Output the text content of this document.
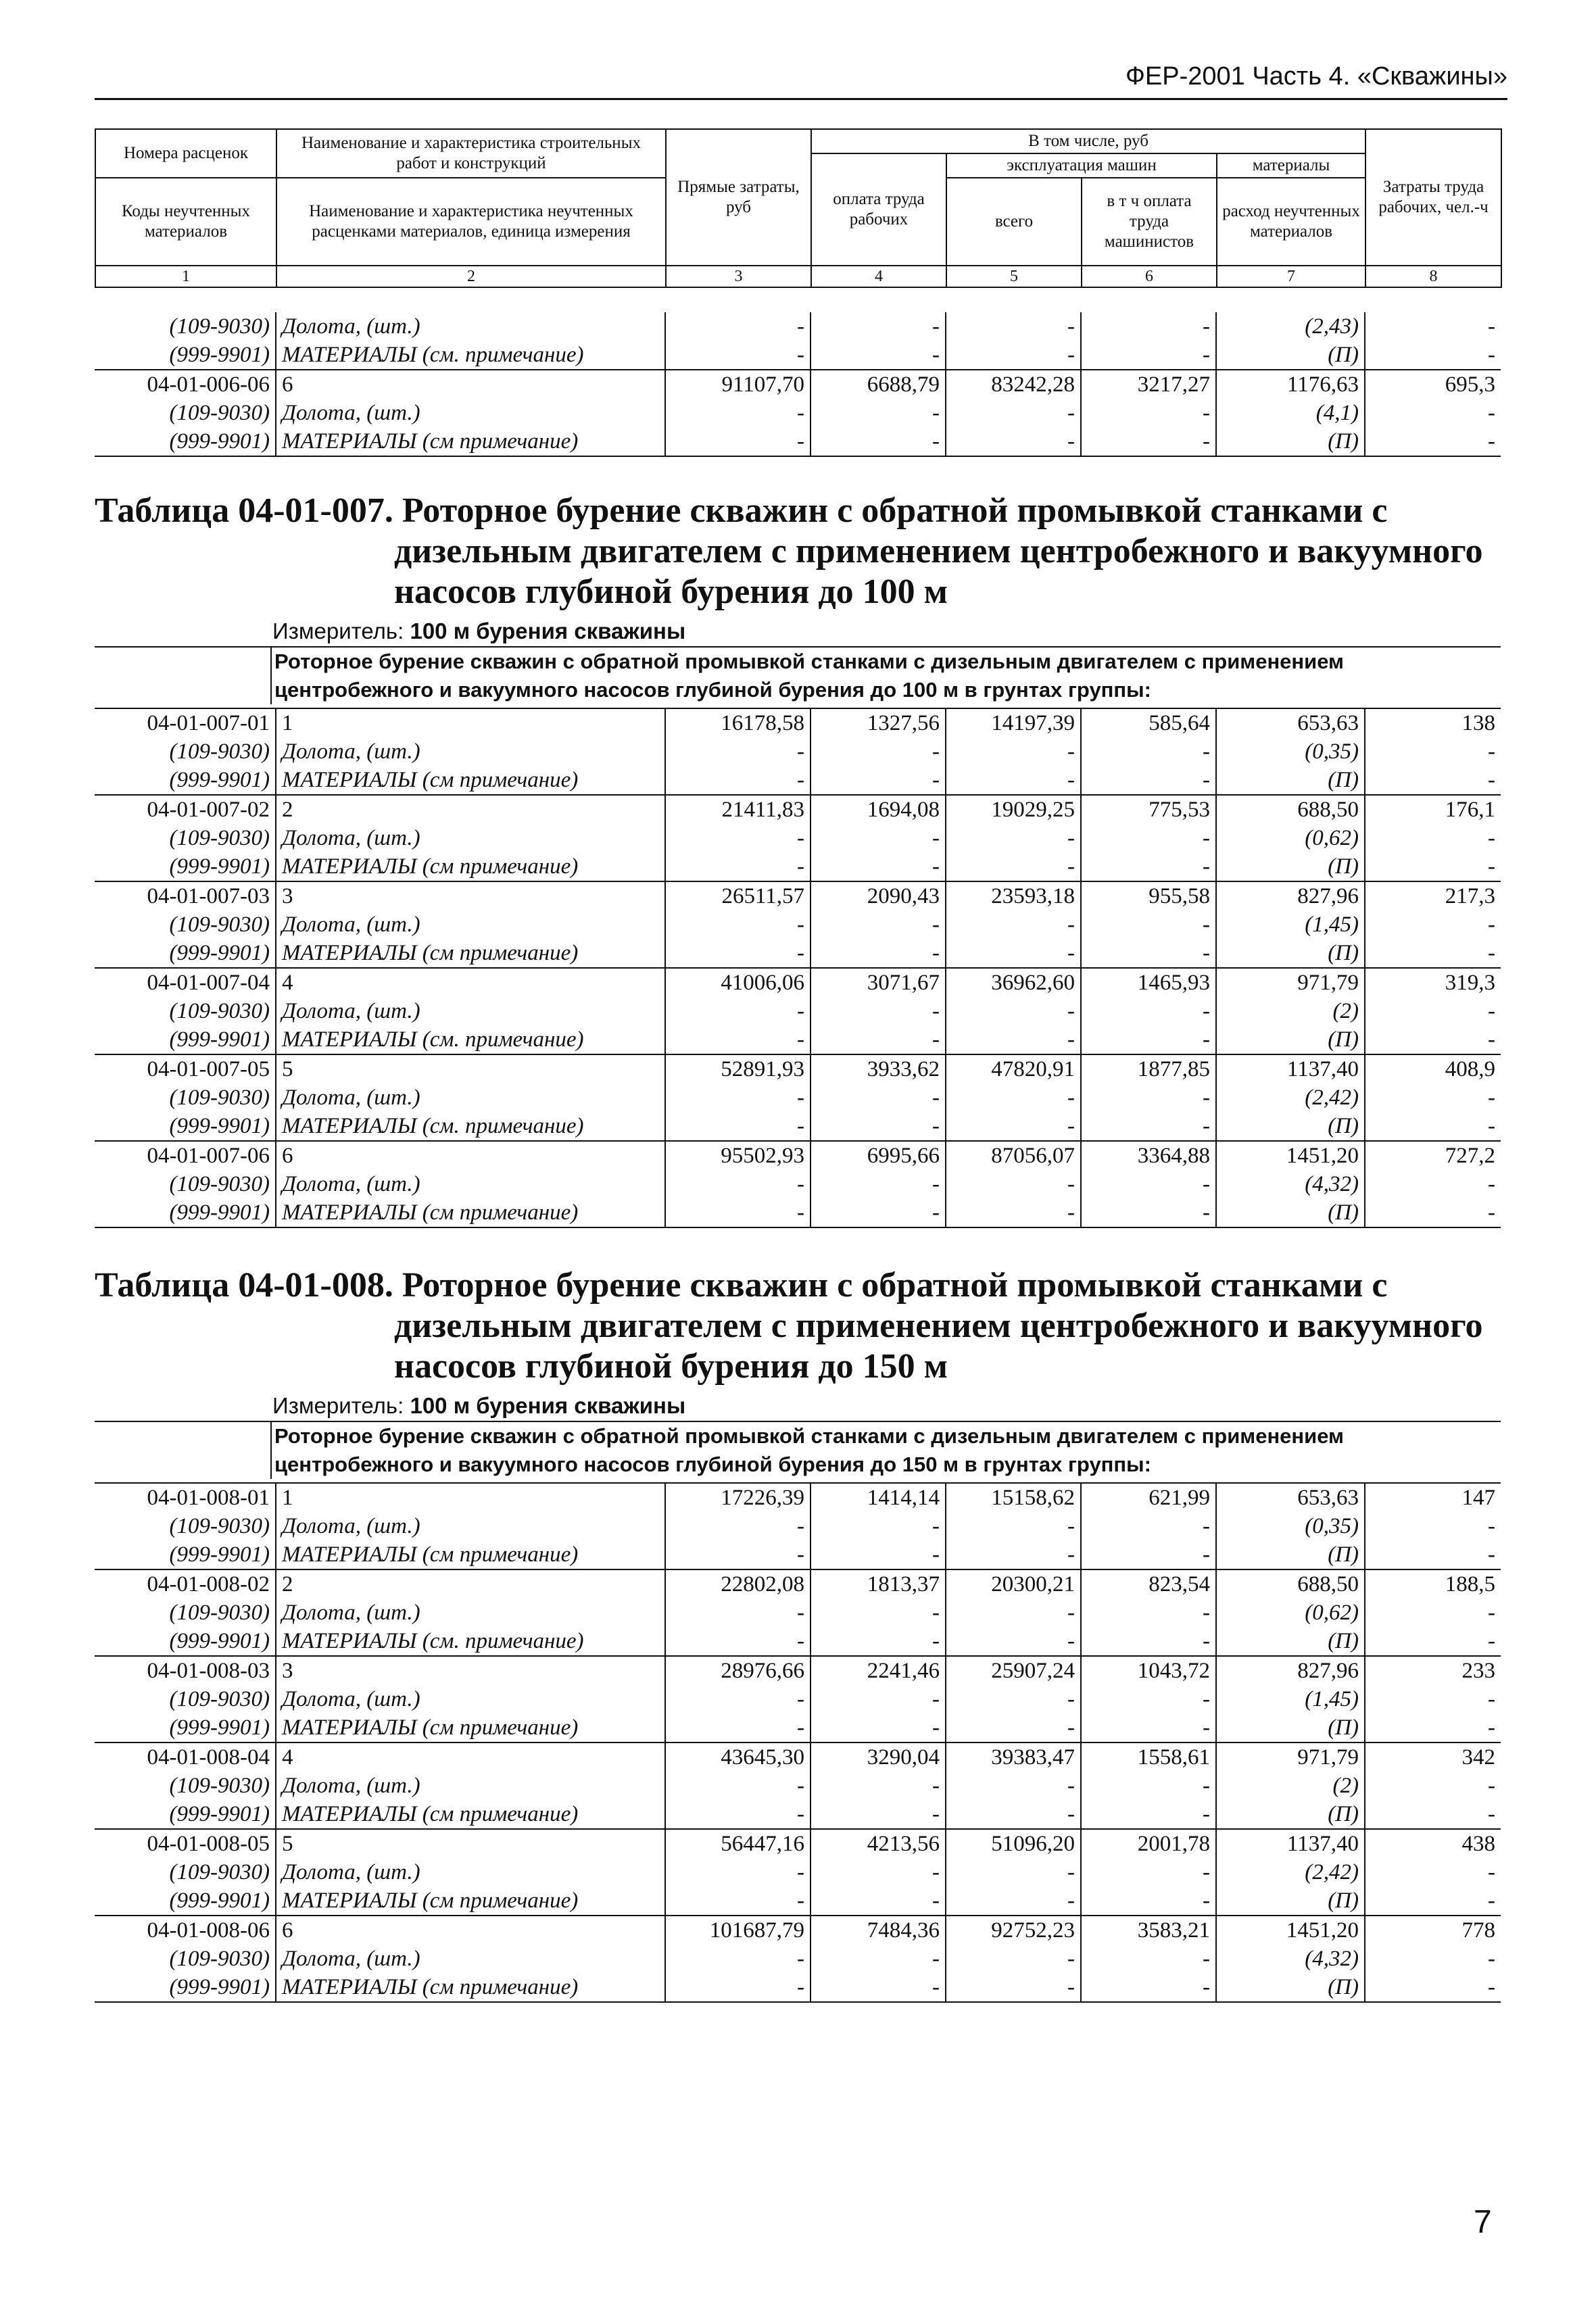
ФЕР-2001 Часть 4. «Скважины»
Номера расценок	Наименование и характеристика строительных работ и конструкций	Прямые затраты, руб	В том числе, руб				Затраты труда рабочих, чел.-ч
			оплата труда рабочих	эксплуатация машин		материалы	
Коды неучтенных материалов	Наименование и характеристика неучтенных расценками материалов, единица измерения			всего	в т ч оплата труда машинистов	расход неучтенных материалов	

1	2	3	4	5	6	7	8
(109-9030)	Долота, (шт.)	-	-	-	-	(2,43)	-
(999-9901)	МАТЕРИАЛЫ (см. примечание)	-	-	-	-	(П)	-
04-01-006-06	6	91107,70	6688,79	83242,28	3217,27	1176,63	695,3
(109-9030)	Долота, (шт.)	-	-	-	-	(4,1)	-
(999-9901)	МАТЕРИАЛЫ (см примечание)	-	-	-	-	(П)	-
Таблица 04-01-007. Роторное бурение скважин с обратной промывкой станками с
дизельным двигателем с применением центробежного и вакуумного
насосов глубиной бурения до 100 м
Измеритель: 100 м бурения скважины
Роторное бурение скважин с обратной промывкой станками с дизельным двигателем с применением
центробежного и вакуумного насосов глубиной бурения до 100 м в грунтах группы:
04-01-007-01	1	16178,58	1327,56	14197,39	585,64	653,63	138
(109-9030)	Долота, (шт.)	-	-	-	-	(0,35)	-
(999-9901)	МАТЕРИАЛЫ (см примечание)	-	-	-	-	(П)	-
04-01-007-02	2	21411,83	1694,08	19029,25	775,53	688,50	176,1
(109-9030)	Долота, (шт.)	-	-	-	-	(0,62)	-
(999-9901)	МАТЕРИАЛЫ (см примечание)	-	-	-	-	(П)	-
04-01-007-03	3	26511,57	2090,43	23593,18	955,58	827,96	217,3
(109-9030)	Долота, (шт.)	-	-	-	-	(1,45)	-
(999-9901)	МАТЕРИАЛЫ (см примечание)	-	-	-	-	(П)	-
04-01-007-04	4	41006,06	3071,67	36962,60	1465,93	971,79	319,3
(109-9030)	Долота, (шт.)	-	-	-	-	(2)	-
(999-9901)	МАТЕРИАЛЫ (см. примечание)	-	-	-	-	(П)	-
04-01-007-05	5	52891,93	3933,62	47820,91	1877,85	1137,40	408,9
(109-9030)	Долота, (шт.)	-	-	-	-	(2,42)	-
(999-9901)	МАТЕРИАЛЫ (см. примечание)	-	-	-	-	(П)	-
04-01-007-06	6	95502,93	6995,66	87056,07	3364,88	1451,20	727,2
(109-9030)	Долота, (шт.)	-	-	-	-	(4,32)	-
(999-9901)	МАТЕРИАЛЫ (см примечание)	-	-	-	-	(П)	-
Таблица 04-01-008. Роторное бурение скважин с обратной промывкой станками с
дизельным двигателем с применением центробежного и вакуумного
насосов глубиной бурения до 150 м
Измеритель: 100 м бурения скважины
Роторное бурение скважин с обратной промывкой станками с дизельным двигателем с применением
центробежного и вакуумного насосов глубиной бурения до 150 м в грунтах группы:
04-01-008-01	1	17226,39	1414,14	15158,62	621,99	653,63	147
(109-9030)	Долота, (шт.)	-	-	-	-	(0,35)	-
(999-9901)	МАТЕРИАЛЫ (см примечание)	-	-	-	-	(П)	-
04-01-008-02	2	22802,08	1813,37	20300,21	823,54	688,50	188,5
(109-9030)	Долота, (шт.)	-	-	-	-	(0,62)	-
(999-9901)	МАТЕРИАЛЫ (см. примечание)	-	-	-	-	(П)	-
04-01-008-03	3	28976,66	2241,46	25907,24	1043,72	827,96	233
(109-9030)	Долота, (шт.)	-	-	-	-	(1,45)	-
(999-9901)	МАТЕРИАЛЫ (см примечание)	-	-	-	-	(П)	-
04-01-008-04	4	43645,30	3290,04	39383,47	1558,61	971,79	342
(109-9030)	Долота, (шт.)	-	-	-	-	(2)	-
(999-9901)	МАТЕРИАЛЫ (см примечание)	-	-	-	-	(П)	-
04-01-008-05	5	56447,16	4213,56	51096,20	2001,78	1137,40	438
(109-9030)	Долота, (шт.)	-	-	-	-	(2,42)	-
(999-9901)	МАТЕРИАЛЫ (см примечание)	-	-	-	-	(П)	-
04-01-008-06	6	101687,79	7484,36	92752,23	3583,21	1451,20	778
(109-9030)	Долота, (шт.)	-	-	-	-	(4,32)	-
(999-9901)	МАТЕРИАЛЫ (см примечание)	-	-	-	-	(П)	-
7
